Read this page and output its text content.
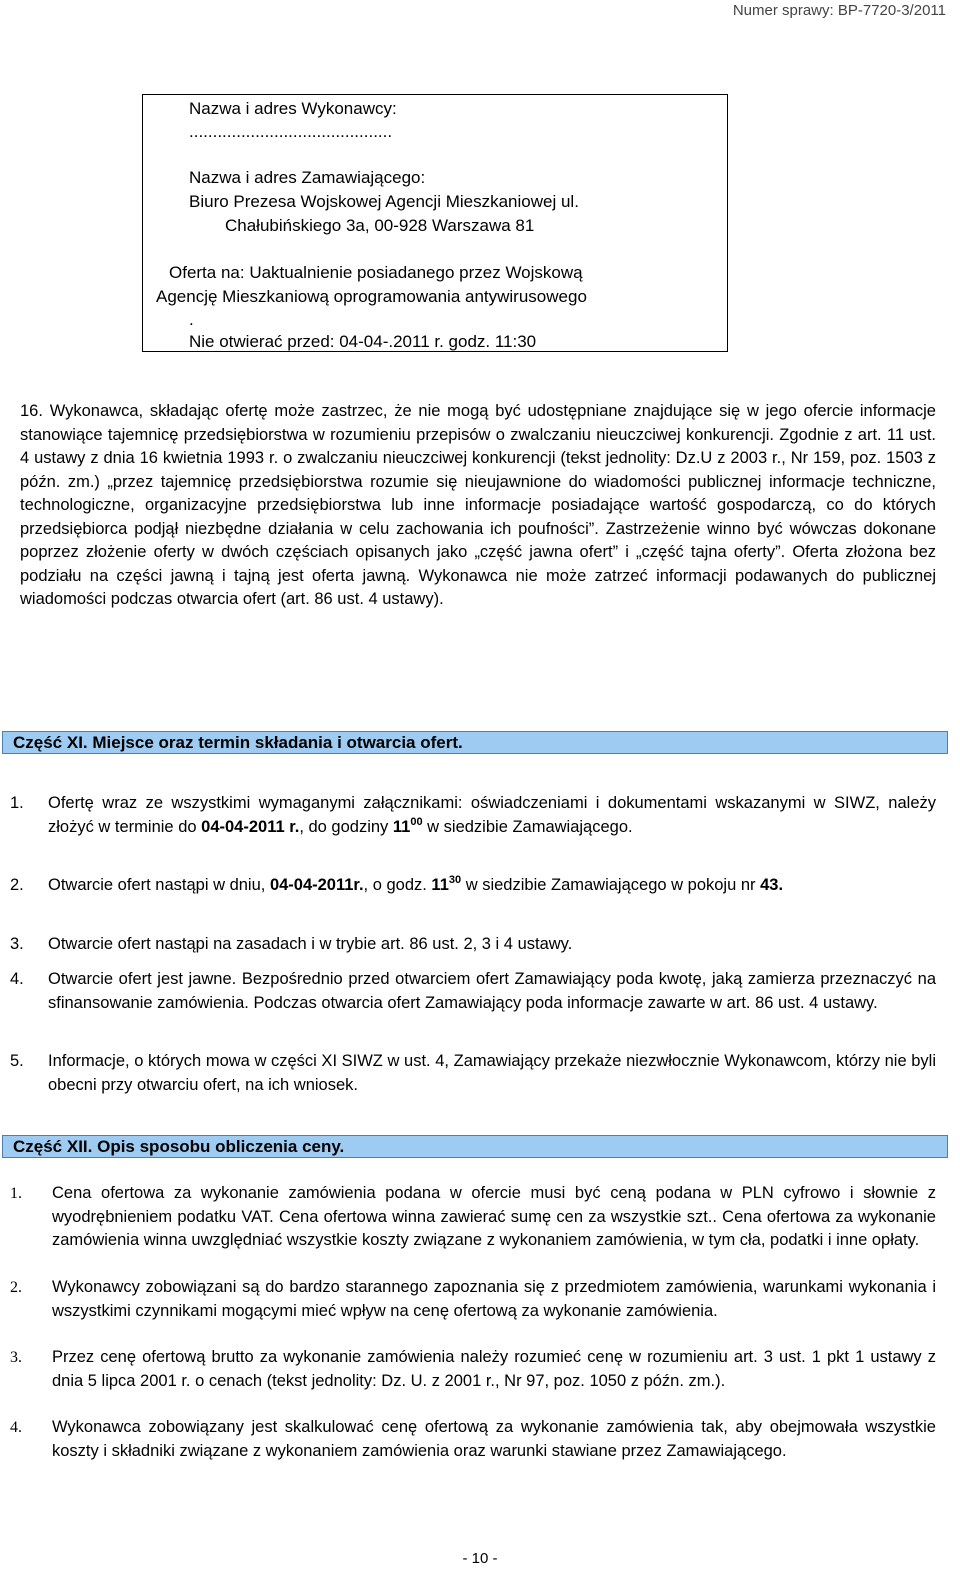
Numer sprawy: BP-7720-3/2011
Nazwa i adres Wykonawcy:
...........................................
Nazwa i adres Zamawiającego:
Biuro Prezesa Wojskowej Agencji Mieszkaniowej ul.
Chałubińskiego 3a, 00-928 Warszawa 81
Oferta na: Uaktualnienie posiadanego przez Wojskową
Agencję Mieszkaniową oprogramowania antywirusowego
.
Nie otwierać przed: 04-04-.2011 r. godz. 11:30
16. Wykonawca, składając ofertę może zastrzec, że nie mogą być udostępniane znajdujące się w jego ofercie informacje stanowiące tajemnicę przedsiębiorstwa w rozumieniu przepisów o zwalczaniu nieuczciwej konkurencji. Zgodnie z art. 11 ust. 4 ustawy z dnia 16 kwietnia 1993 r. o zwalczaniu nieuczciwej konkurencji (tekst jednolity: Dz.U z 2003 r., Nr 159, poz. 1503 z późn. zm.) „przez tajemnicę przedsiębiorstwa rozumie się nieujawnione do wiadomości publicznej informacje techniczne, technologiczne, organizacyjne przedsiębiorstwa lub inne informacje posiadające wartość gospodarczą, co do których przedsiębiorca podjął niezbędne działania w celu zachowania ich poufności”. Zastrzeżenie winno być wówczas dokonane poprzez złożenie oferty w dwóch częściach opisanych jako „część jawna ofert” i „część tajna oferty”. Oferta złożona bez podziału na części jawną i tajną jest oferta jawną. Wykonawca nie może zatrzeć informacji podawanych do publicznej wiadomości podczas otwarcia ofert (art. 86 ust. 4 ustawy).
Część XI. Miejsce oraz termin składania i otwarcia ofert.
1.	Ofertę wraz ze wszystkimi wymaganymi załącznikami: oświadczeniami i dokumentami wskazanymi w SIWZ, należy złożyć w terminie do 04-04-2011 r., do godziny $11^{00}$ w siedzibie Zamawiającego.
2.	Otwarcie ofert nastąpi w dniu, 04-04-2011r., o godz. $11^{30}$ w siedzibie Zamawiającego w pokoju nr 43.
3.	Otwarcie ofert nastąpi na zasadach i w trybie art. 86 ust. 2, 3 i 4 ustawy.
4.	Otwarcie ofert jest jawne. Bezpośrednio przed otwarciem ofert Zamawiający poda kwotę, jaką zamierza przeznaczyć na sfinansowanie zamówienia. Podczas otwarcia ofert Zamawiający poda informacje zawarte w art. 86 ust. 4 ustawy.
5.	Informacje, o których mowa w części XI SIWZ w ust. 4, Zamawiający przekaże niezwłocznie Wykonawcom, którzy nie byli obecni przy otwarciu ofert, na ich wniosek.
Część XII. Opis sposobu obliczenia ceny.
1.	Cena ofertowa za wykonanie zamówienia podana w ofercie musi być ceną podana w PLN cyfrowo i słownie z wyodrębnieniem podatku VAT. Cena ofertowa winna zawierać sumę cen za wszystkie szt.. Cena ofertowa za wykonanie zamówienia winna uwzględniać wszystkie koszty związane z wykonaniem zamówienia, w tym cła, podatki i inne opłaty.
2.	Wykonawcy zobowiązani są do bardzo starannego zapoznania się z przedmiotem zamówienia, warunkami wykonania i wszystkimi czynnikami mogącymi mieć wpływ na cenę ofertową za wykonanie zamówienia.
3.	Przez cenę ofertową brutto za wykonanie zamówienia należy rozumieć cenę w rozumieniu art. 3 ust. 1 pkt 1 ustawy z dnia 5 lipca 2001 r. o cenach (tekst jednolity: Dz. U. z 2001 r., Nr 97, poz. 1050 z późn. zm.).
4.	Wykonawca zobowiązany jest skalkulować cenę ofertową za wykonanie zamówienia tak, aby obejmowała wszystkie koszty i składniki związane z wykonaniem zamówienia oraz warunki stawiane przez Zamawiającego.
- 10 -
